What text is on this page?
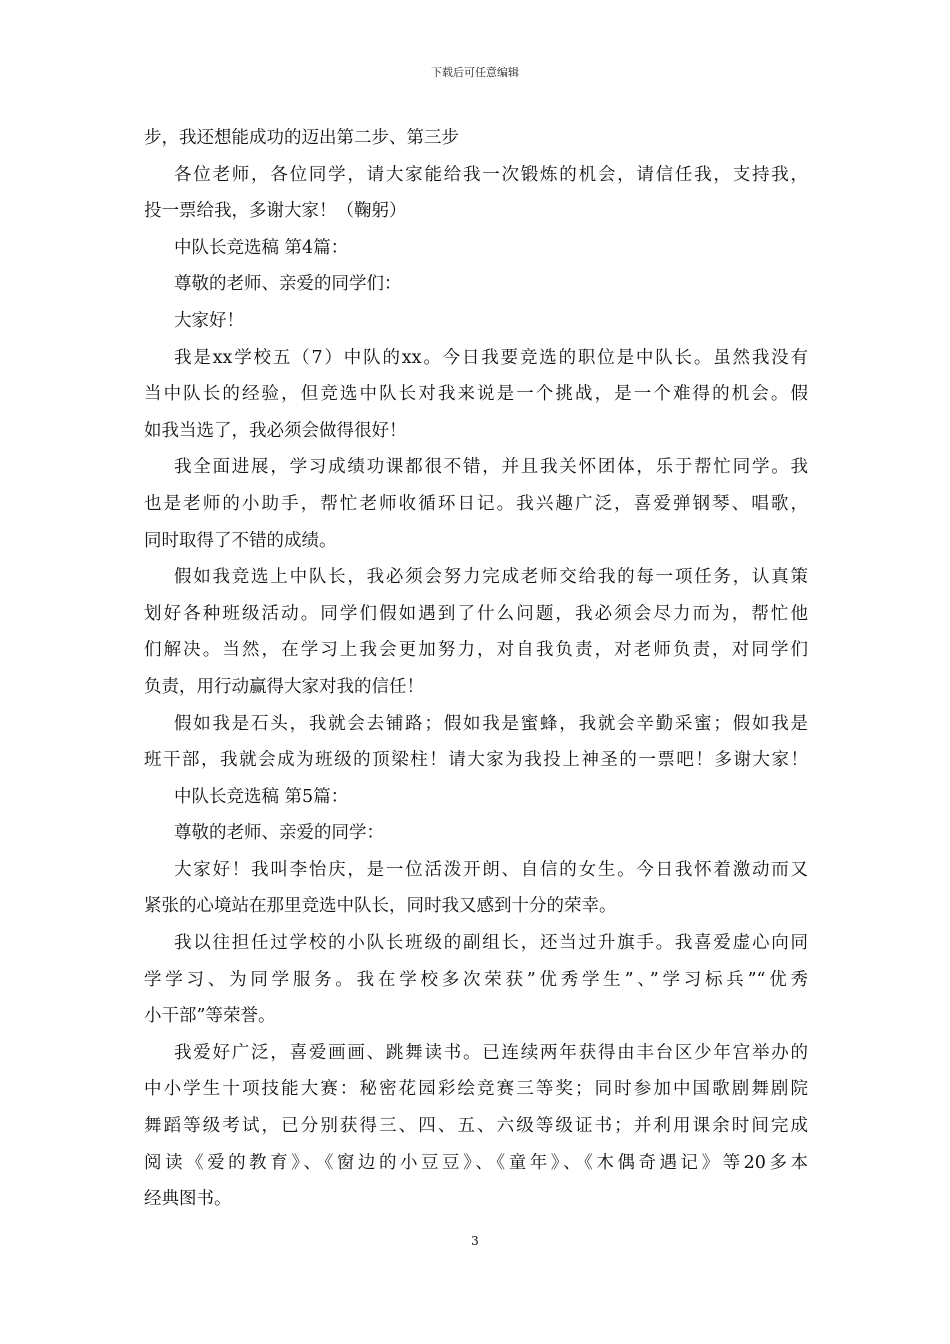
下载后可任意编辑
步，我还想能成功的迈出第二步、第三步
各位老师，各位同学，请大家能给我一次锻炼的机会，请信任我，支持我，
投一票给我，多谢大家！（鞠躬）
中队长竞选稿 第4篇：
尊敬的老师、亲爱的同学们：
大家好！
我是xx学校五（7）中队的xx。今日我要竞选的职位是中队长。虽然我没有
当中队长的经验，但竞选中队长对我来说是一个挑战，是一个难得的机会。假
如我当选了，我必须会做得很好！
我全面进展，学习成绩功课都很不错，并且我关怀团体，乐于帮忙同学。我
也是老师的小助手，帮忙老师收循环日记。我兴趣广泛，喜爱弹钢琴、唱歌，
同时取得了不错的成绩。
假如我竞选上中队长，我必须会努力完成老师交给我的每一项任务，认真策
划好各种班级活动。同学们假如遇到了什么问题，我必须会尽力而为，帮忙他
们解决。当然，在学习上我会更加努力，对自我负责，对老师负责，对同学们
负责，用行动赢得大家对我的信任！
假如我是石头，我就会去铺路；假如我是蜜蜂，我就会辛勤采蜜；假如我是
班干部，我就会成为班级的顶梁柱！请大家为我投上神圣的一票吧！多谢大家！
中队长竞选稿 第5篇：
尊敬的老师、亲爱的同学：
大家好！我叫李怡庆，是一位活泼开朗、自信的女生。今日我怀着激动而又
紧张的心境站在那里竞选中队长，同时我又感到十分的荣幸。
我以往担任过学校的小队长班级的副组长，还当过升旗手。我喜爱虚心向同
学学习、为同学服务。我在学校多次荣获”优秀学生”、”学习标兵”“优秀
小干部”等荣誉。
我爱好广泛，喜爱画画、跳舞读书。已连续两年获得由丰台区少年宫举办的
中小学生十项技能大赛：秘密花园彩绘竞赛三等奖；同时参加中国歌剧舞剧院
舞蹈等级考试，已分别获得三、四、五、六级等级证书；并利用课余时间完成
阅读《爱的教育》、《窗边的小豆豆》、《童年》、《木偶奇遇记》等20多本
经典图书。
3
